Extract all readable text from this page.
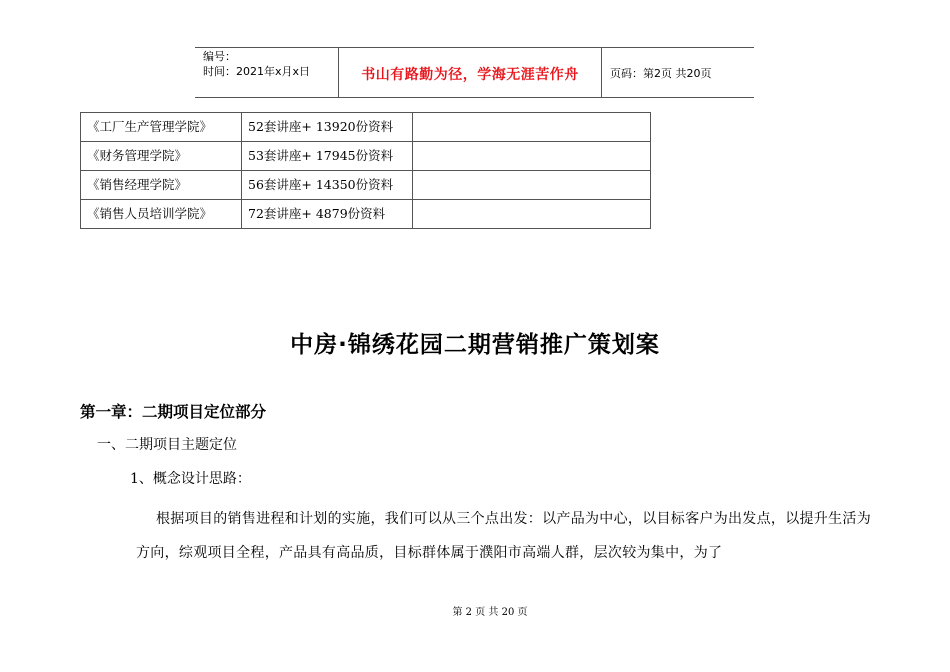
编号：
时间：2021年x月x日	书山有路勤为径，学海无涯苦作舟	页码：第2页 共20页
《工厂生产管理学院》	52套讲座+ 13920份资料	
《财务管理学院》	53套讲座+ 17945份资料	
《销售经理学院》	56套讲座+ 14350份资料	
《销售人员培训学院》	72套讲座+ 4879份资料	
中房·锦绣花园二期营销推广策划案
第一章：二期项目定位部分
一、二期项目主题定位
1、概念设计思路：
根据项目的销售进程和计划的实施，我们可以从三个点出发：以产品为中心，以目标客户为出发点，以提升生活为方向，综观项目全程，产品具有高品质，目标群体属于濮阳市高端人群，层次较为集中，为了
第 2 页 共 20 页
